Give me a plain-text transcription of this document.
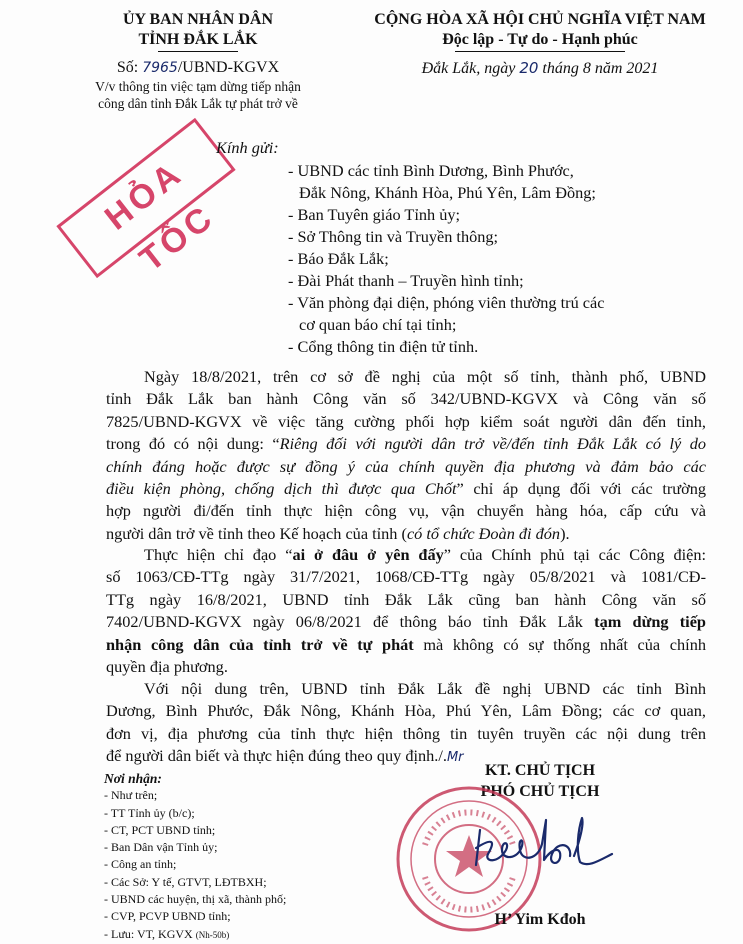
ỦY BAN NHÂN DÂN
TỈNH ĐẮK LẮK
Số: 7965/UBND-KGVX
V/v thông tin việc tạm dừng tiếp nhận
công dân tỉnh Đắk Lắk tự phát trở về
CỘNG HÒA XÃ HỘI CHỦ NGHĨA VIỆT NAM
Độc lập - Tự do - Hạnh phúc
Đắk Lắk, ngày 20 tháng 8 năm 2021
HỎA TỐC
Kính gửi:
- UBND các tỉnh Bình Dương, Bình Phước,
Đắk Nông, Khánh Hòa, Phú Yên, Lâm Đồng;
- Ban Tuyên giáo Tỉnh ủy;
- Sở Thông tin và Truyền thông;
- Báo Đắk Lắk;
- Đài Phát thanh – Truyền hình tỉnh;
- Văn phòng đại diện, phóng viên thường trú các
cơ quan báo chí tại tỉnh;
- Cổng thông tin điện tử tỉnh.
Ngày 18/8/2021, trên cơ sở đề nghị của một số tỉnh, thành phố, UBND
tỉnh Đắk Lắk ban hành Công văn số 342/UBND-KGVX và Công văn số
7825/UBND-KGVX về việc tăng cường phối hợp kiểm soát người dân đến tỉnh,
trong đó có nội dung: “Riêng đối với người dân trở về/đến tỉnh Đắk Lắk có lý do
chính đáng hoặc được sự đồng ý của chính quyền địa phương và đảm bảo các
điều kiện phòng, chống dịch thì được qua Chốt” chỉ áp dụng đối với các trường
hợp người đi/đến tỉnh thực hiện công vụ, vận chuyển hàng hóa, cấp cứu và
người dân trở về tỉnh theo Kế hoạch của tỉnh (có tổ chức Đoàn đi đón).
Thực hiện chỉ đạo “ai ở đâu ở yên đấy” của Chính phủ tại các Công điện:
số 1063/CĐ-TTg ngày 31/7/2021, 1068/CĐ-TTg ngày 05/8/2021 và 1081/CĐ-
TTg ngày 16/8/2021, UBND tỉnh Đắk Lắk cũng ban hành Công văn số
7402/UBND-KGVX ngày 06/8/2021 để thông báo tỉnh Đắk Lắk tạm dừng tiếp
nhận công dân của tỉnh trở về tự phát mà không có sự thống nhất của chính
quyền địa phương.
Với nội dung trên, UBND tỉnh Đắk Lắk đề nghị UBND các tỉnh Bình
Dương, Bình Phước, Đắk Nông, Khánh Hòa, Phú Yên, Lâm Đồng; các cơ quan,
đơn vị, địa phương của tỉnh thực hiện thông tin tuyên truyền các nội dung trên
để người dân biết và thực hiện đúng theo quy định./.Mr
Nơi nhận:
- Như trên;
- TT Tỉnh ủy (b/c);
- CT, PCT UBND tỉnh;
- Ban Dân vận Tỉnh ủy;
- Công an tỉnh;
- Các Sở: Y tế, GTVT, LĐTBXH;
- UBND các huyện, thị xã, thành phố;
- CVP, PCVP UBND tỉnh;
- Lưu: VT, KGVX (Nh-50b)
KT. CHỦ TỊCH
PHÓ CHỦ TỊCH
H’ Yim Kđoh
